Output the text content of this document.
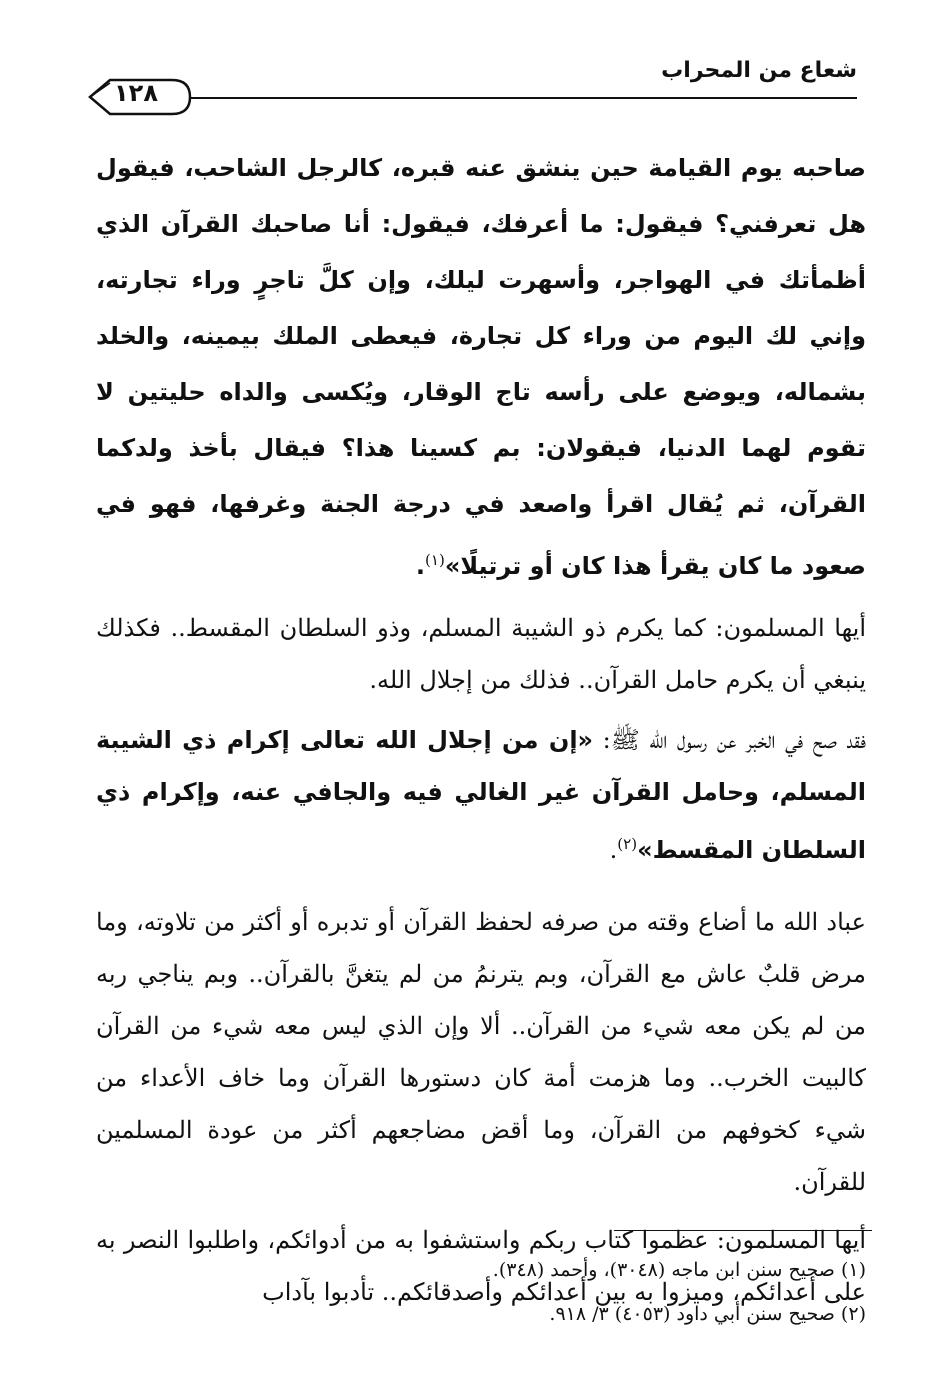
شعاع من المحراب
١٢٨

صاحبه يوم القيامة حين ينشق عنه قبره، كالرجل الشاحب، فيقول هل تعرفني؟ فيقول: ما أعرفك، فيقول: أنا صاحبك القرآن الذي أظمأتك في الهواجر، وأسهرت ليلك، وإن كلَّ تاجرٍ وراء تجارته، وإني لك اليوم من وراء كل تجارة، فيعطى الملك بيمينه، والخلد بشماله، ويوضع على رأسه تاج الوقار، ويُكسى والداه حليتين لا تقوم لهما الدنيا، فيقولان: بم كسينا هذا؟ فيقال بأخذ ولدكما القرآن، ثم يُقال اقرأ واصعد في درجة الجنة وغرفها، فهو في صعود ما كان يقرأ هذا كان أو ترتيلًا»$^{(١)}$.

أيها المسلمون: كما يكرم ذو الشيبة المسلم، وذو السلطان المقسط.. فكذلك ينبغي أن يكرم حامل القرآن.. فذلك من إجلال الله.

فقد صح في الخبر عن رسول الله ﷺ: «إن من إجلال الله تعالى إكرام ذي الشيبة المسلم، وحامل القرآن غير الغالي فيه والجافي عنه، وإكرام ذي السلطان المقسط»$^{(٢)}$.

عباد الله ما أضاع وقته من صرفه لحفظ القرآن أو تدبره أو أكثر من تلاوته، وما مرض قلبٌ عاش مع القرآن، وبم يترنمُ من لم يتغنَّ بالقرآن.. وبم يناجي ربه من لم يكن معه شيء من القرآن.. ألا وإن الذي ليس معه شيء من القرآن كالبيت الخرب.. وما هزمت أمة كان دستورها القرآن وما خاف الأعداء من شيء كخوفهم من القرآن، وما أقض مضاجعهم أكثر من عودة المسلمين للقرآن.

أيها المسلمون: عظموا كتاب ربكم واستشفوا به من أدوائكم، واطلبوا النصر به على أعدائكم، وميزوا به بين أعدائكم وأصدقائكم.. تأدبوا بآداب

(١) صحيح سنن ابن ماجه (٣٠٤٨)، وأحمد (٣٤٨).

(٢) صحيح سنن أبي داود (٤٠٥٣) ٣/ ٩١٨.
